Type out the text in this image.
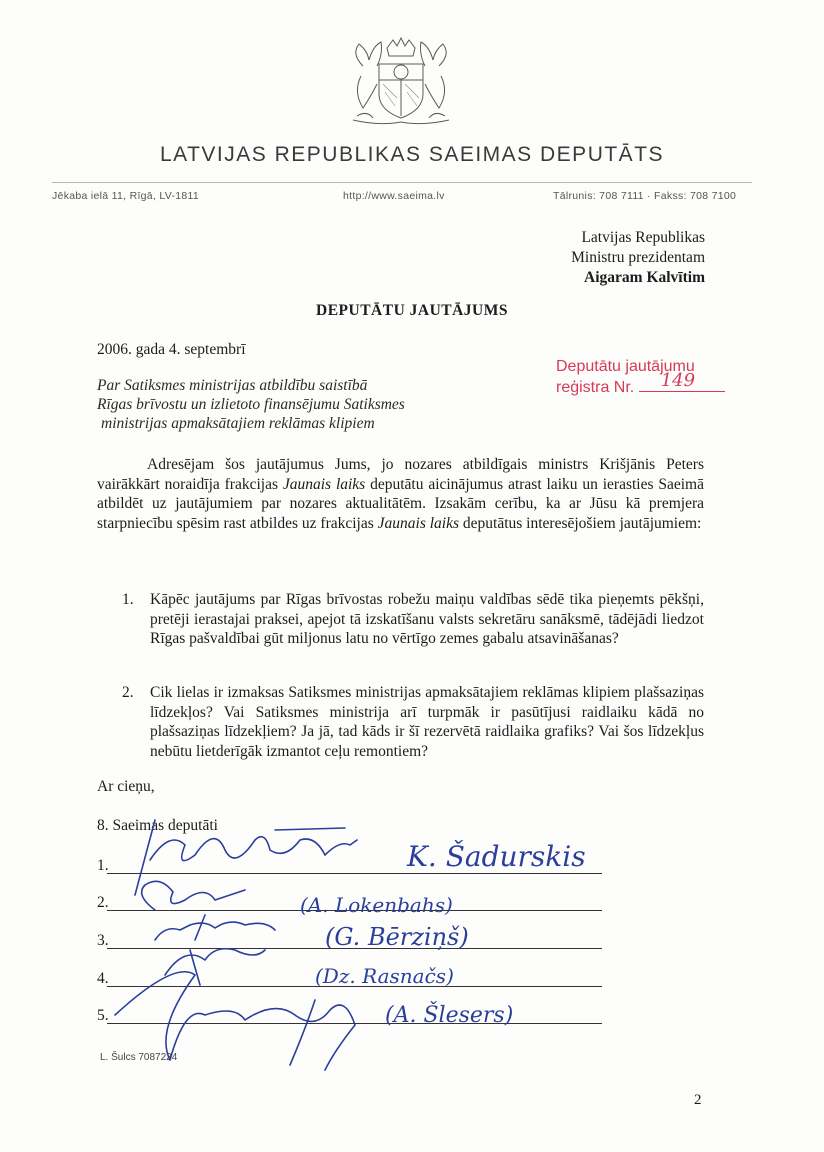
LATVIJAS REPUBLIKAS SAEIMAS DEPUTĀTS
Jēkaba ielā 11, Rīgā, LV-1811	http://www.saeima.lv	Tālrunis: 708 7111 · Fakss: 708 7100
Latvijas Republikas
Ministru prezidentam
Aigaram Kalvītim
DEPUTĀTU JAUTĀJUMS
2006. gada 4. septembrī
Par Satiksmes ministrijas atbildību saistībā
Rīgas brīvostu un izlietoto finansējumu Satiksmes
ministrijas apmaksātajiem reklāmas klipiem
Deputātu jautājumu
reģistra Nr. 149
Adresējam šos jautājumus Jums, jo nozares atbildīgais ministrs Krišjānis Peters vairākkārt noraidīja frakcijas Jaunais laiks deputātu aicinājumus atrast laiku un ierasties Saeimā atbildēt uz jautājumiem par nozares aktualitātēm. Izsakām cerību, ka ar Jūsu kā premjera starpniecību spēsim rast atbildes uz frakcijas Jaunais laiks deputātus interesējošiem jautājumiem:
1. Kāpēc jautājums par Rīgas brīvostas robežu maiņu valdības sēdē tika pieņemts pēkšņi, pretēji ierastajai praksei, apejot tā izskatīšanu valsts sekretāru sanāksmē, tādējādi liedzot Rīgas pašvaldībai gūt miljonus latu no vērtīgo zemes gabalu atsavināšanas?
2. Cik lielas ir izmaksas Satiksmes ministrijas apmaksātajiem reklāmas klipiem plašsaziņas līdzekļos? Vai Satiksmes ministrija arī turpmāk ir pasūtījusi raidlaiku kādā no plašsaziņas līdzekļiem? Ja jā, tad kāds ir šī rezervētā raidlaika grafiks? Vai šos līdzekļus nebūtu lietderīgāk izmantot ceļu remontiem?
Ar cieņu,
8. Saeimas deputāti
1.
2.
3.
4.
5.
K. Šadurskis
(A. Lokenbahs)
(G. Bērziņš)
(Dz. Rasnačs)
(A. Šlesers)
L. Šulcs 7087224
2
